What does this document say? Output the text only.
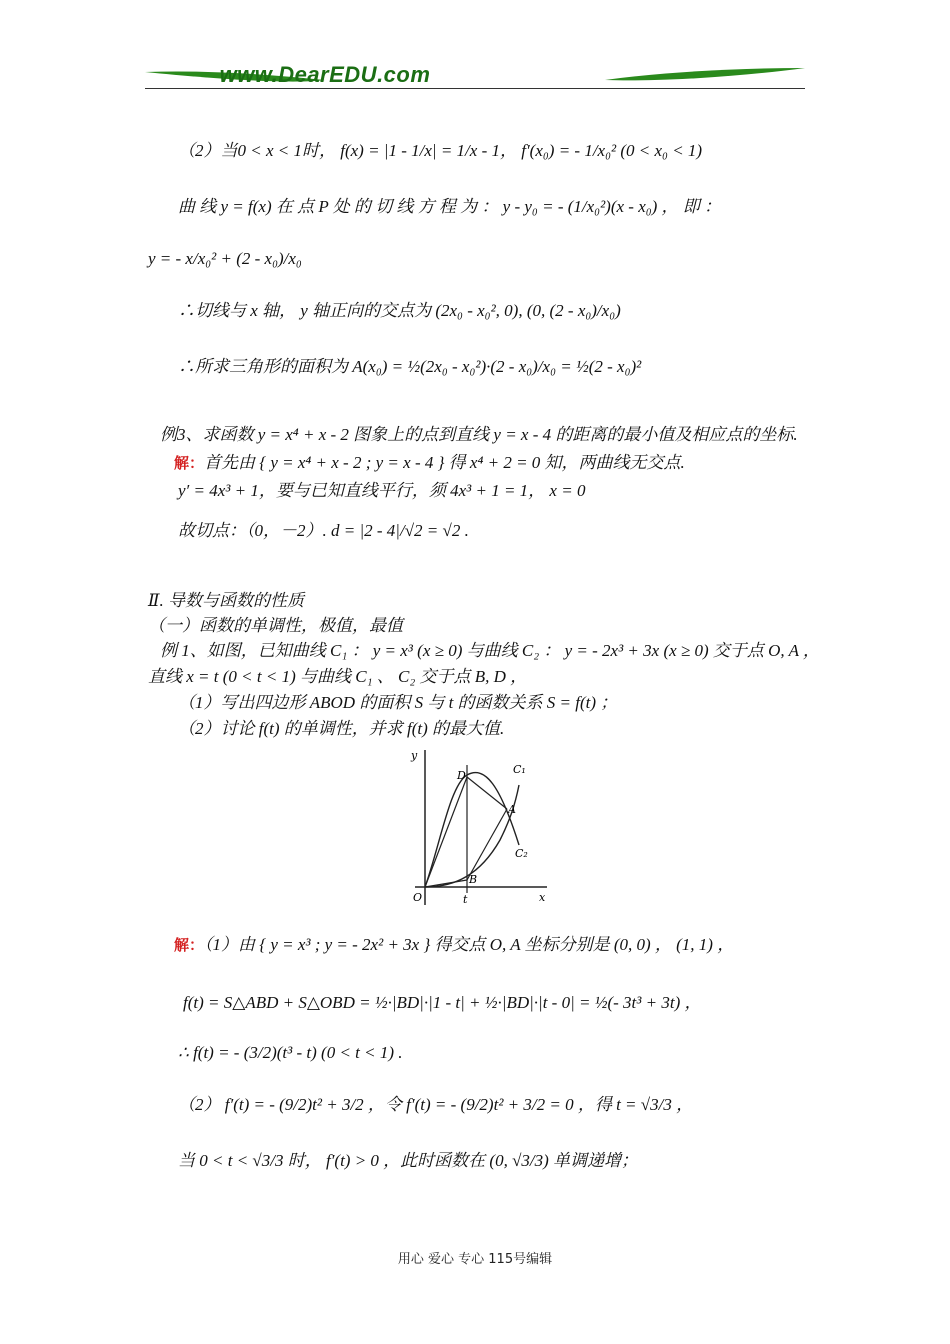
www.DearEDU.com
（2）当0 < x < 1时， f(x) = |1 - 1/x| = 1/x - 1， f′(x₀) = - 1/x₀² (0 < x₀ < 1)
曲 线 y = f(x) 在 点 P 处 的 切 线 方 程 为 ： y - y₀ = - (1/x₀²)(x - x₀) ， 即 ：
y = - x/x₀² + (2 - x₀)/x₀
∴切线与 x 轴， y 轴正向的交点为 (2x₀ - x₀², 0), (0, (2 - x₀)/x₀)
∴所求三角形的面积为 A(x₀) = ½(2x₀ - x₀²)·(2 - x₀)/x₀ = ½(2 - x₀)²
例3、求函数 y = x⁴ + x - 2 图象上的点到直线 y = x - 4 的距离的最小值及相应点的坐标.
解：首先由 { y = x⁴ + x - 2 ; y = x - 4 } 得 x⁴ + 2 = 0 知，两曲线无交点.
y′ = 4x³ + 1，要与已知直线平行，须 4x³ + 1 = 1， x = 0
故切点：（0，－2）. d = |2 - 4|/√2 = √2 .
Ⅱ. 导数与函数的性质
（一）函数的单调性，极值，最值
例 1、如图，已知曲线 C₁ ： y = x³ (x ≥ 0) 与曲线 C₂ ： y = - 2x³ + 3x (x ≥ 0) 交于点 O, A ，
直线 x = t (0 < t < 1) 与曲线 C₁ 、 C₂ 交于点 B, D ，
（1）写出四边形 ABOD 的面积 S 与 t 的函数关系 S = f(t) ；
（2）讨论 f(t) 的单调性，并求 f(t) 的最大值.
解：（1）由 { y = x³ ; y = - 2x² + 3x } 得交点 O, A 坐标分别是 (0, 0) ， (1, 1) ，
f(t) = S△ABD + S△OBD = ½·|BD|·|1 - t| + ½·|BD|·|t - 0| = ½(- 3t³ + 3t) ，
∴ f(t) = - (3/2)(t³ - t) (0 < t < 1) .
（2） f′(t) = - (9/2)t² + 3/2 ，令 f′(t) = - (9/2)t² + 3/2 = 0 ，得 t = √3/3 ，
当 0 < t < √3/3 时， f′(t) > 0 ，此时函数在 (0, √3/3) 单调递增；
y
x
O	t
D
A
B
C₁
C₂
用心 爱心 专心 115号编辑
